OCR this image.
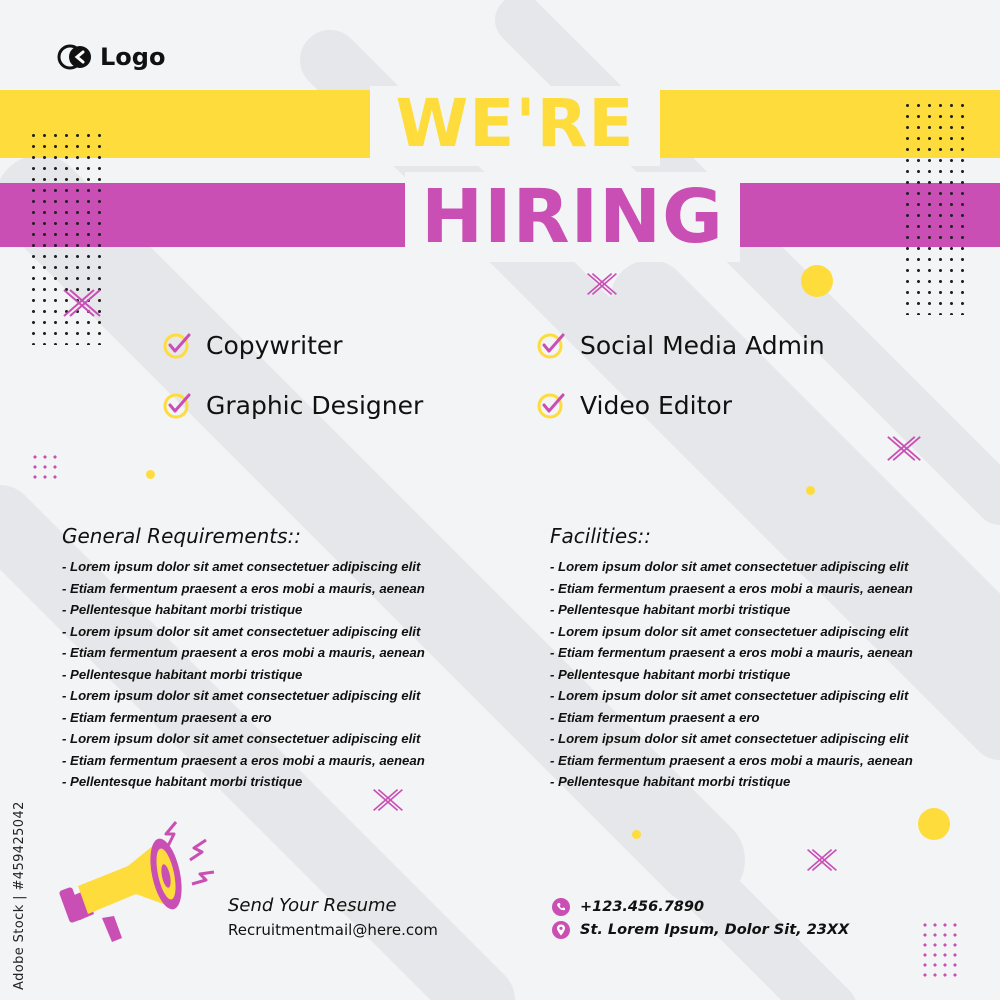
Logo
WE'RE
HIRING
Copywriter
Graphic Designer
Social Media Admin
Video Editor
General Requirements::
- Lorem ipsum dolor sit amet consectetuer adipiscing elit
- Etiam fermentum praesent a eros mobi a mauris, aenean
- Pellentesque habitant morbi tristique
- Lorem ipsum dolor sit amet consectetuer adipiscing elit
- Etiam fermentum praesent a eros mobi a mauris, aenean
- Pellentesque habitant morbi tristique
- Lorem ipsum dolor sit amet consectetuer adipiscing elit
- Etiam fermentum praesent a ero
- Lorem ipsum dolor sit amet consectetuer adipiscing elit
- Etiam fermentum praesent a eros mobi a mauris, aenean
- Pellentesque habitant morbi tristique
Facilities::
- Lorem ipsum dolor sit amet consectetuer adipiscing elit
- Etiam fermentum praesent a eros mobi a mauris, aenean
- Pellentesque habitant morbi tristique
- Lorem ipsum dolor sit amet consectetuer adipiscing elit
- Etiam fermentum praesent a eros mobi a mauris, aenean
- Pellentesque habitant morbi tristique
- Lorem ipsum dolor sit amet consectetuer adipiscing elit
- Etiam fermentum praesent a ero
- Lorem ipsum dolor sit amet consectetuer adipiscing elit
- Etiam fermentum praesent a eros mobi a mauris, aenean
- Pellentesque habitant morbi tristique
Send Your Resume
Recruitmentmail@here.com
+123.456.7890
St. Lorem Ipsum, Dolor Sit, 23XX
Adobe Stock | #459425042
